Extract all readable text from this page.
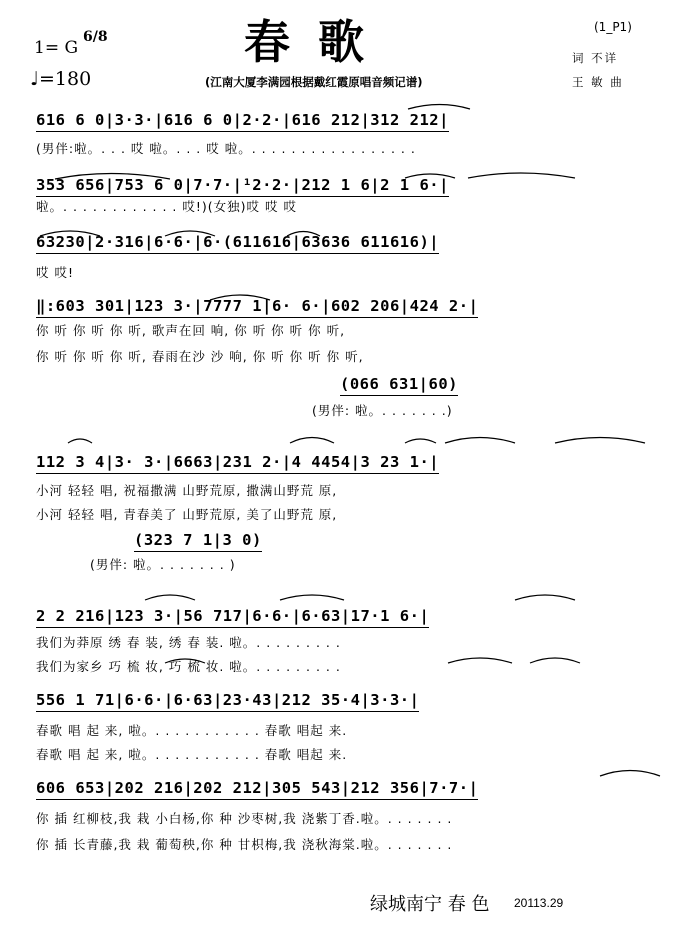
1= G
6/8
♩=180
春歌
(江南大厦李满园根据戴红霞原唱音频记谱)
(1_P1)
词 不详
王 敏 曲
616 6 0|3·3·|616 6 0|2·2·|616 212|312 212|
(男伴:啦。. . . 哎 啦。. . . 哎 啦。. . . . . . . . . . . . . . . . .
353 656|753 6 0|7·7·|¹2·2·|212 1 6|2 1 6·|
啦。. . . . . . . . . . . . 哎!)(女独)哎 哎 哎
63230|2·316|6·6·|6·(611616|63636 611616)|
哎 哎!
‖:603 301|123 3·|7777 1|6· 6·|602 206|424 2·|
你 听 你 听 你 听, 歌声在回 响, 你 听 你 听 你 听,
你 听 你 听 你 听, 春雨在沙 沙 响, 你 听 你 听 你 听,
(066 631|60)
(男伴: 啦。. . . . . . .)
112 3 4|3· 3·|6663|231 2·|4 4454|3 23 1·|
小河 轻轻 唱, 祝福撒满 山野荒原, 撒满山野荒 原,
小河 轻轻 唱, 青春美了 山野荒原, 美了山野荒 原,
(323 7 1|3 0)
(男伴: 啦。. . . . . . . )
2 2 216|123 3·|56 717|6·6·|6·63|17·1 6·|
我们为莽原 绣 春 装, 绣 春 装. 啦。. . . . . . . . .
我们为家乡 巧 梳 妆, 巧 梳 妆. 啦。. . . . . . . . .
556 1 71|6·6·|6·63|23·43|212 35·4|3·3·|
春歌 唱 起 来, 啦。. . . . . . . . . . . 春歌 唱起 来.
春歌 唱 起 来, 啦。. . . . . . . . . . . 春歌 唱起 来.
606 653|202 216|202 212|305 543|212 356|7·7·|
你 插 红柳枝,我 栽 小白杨,你 种 沙枣树,我 浇紫丁香.啦。. . . . . . .
你 插 长青藤,我 栽 葡萄秧,你 种 甘枳梅,我 浇秋海棠.啦。. . . . . . .
绿城南宁 春 色 20113.29
